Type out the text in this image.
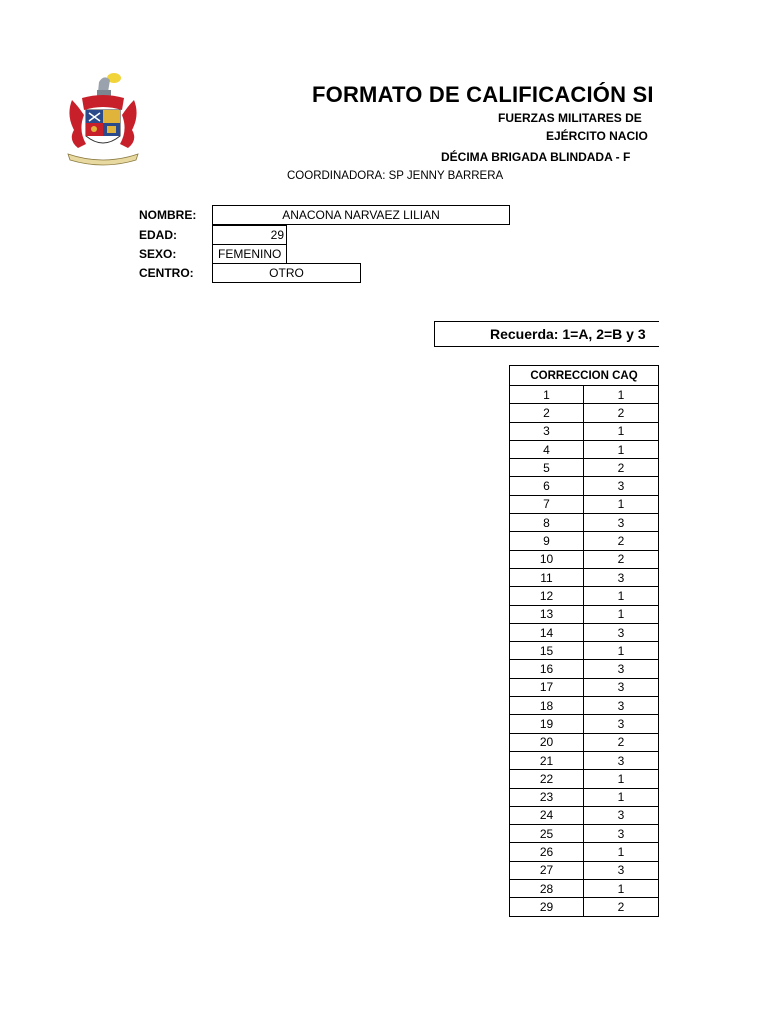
FORMATO DE CALIFICACIÓN SI
FUERZAS MILITARES DE
EJÉRCITO NACIO
DÉCIMA BRIGADA BLINDADA - F
COORDINADORA: SP JENNY BARRERA
NOMBRE:	ANACONA NARVAEZ LILIAN
EDAD:	29
SEXO:	FEMENINO
CENTRO:	OTRO
Recuerda: 1=A, 2=B y 3
CORRECCION CAQ	
1	1
2	2
3	1
4	1
5	2
6	3
7	1
8	3
9	2
10	2
11	3
12	1
13	1
14	3
15	1
16	3
17	3
18	3
19	3
20	2
21	3
22	1
23	1
24	3
25	3
26	1
27	3
28	1
29	2
